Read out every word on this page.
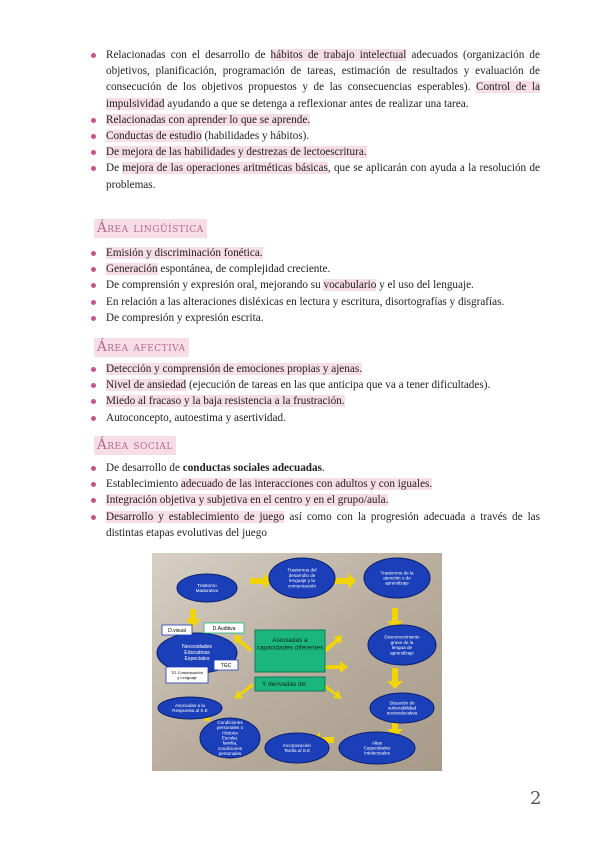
Relacionadas con el desarrollo de hábitos de trabajo intelectual adecuados (organización de objetivos, planificación, programación de tareas, estimación de resultados y evaluación de consecución de los objetivos propuestos y de las consecuencias esperables). Control de la impulsividad ayudando a que se detenga a reflexionar antes de realizar una tarea.
Relacionadas con aprender lo que se aprende.
Conductas de estudio (habilidades y hábitos).
De mejora de las habilidades y destrezas de lectoescritura.
De mejora de las operaciones aritméticas básicas, que se aplicarán con ayuda a la resolución de problemas.
Área lingüística
Emisión y discriminación fonética.
Generación espontánea, de complejidad creciente.
De comprensión y expresión oral, mejorando su vocabulario y el uso del lenguaje.
En relación a las alteraciones disléxicas en lectura y escritura, disortografías y disgrafías.
De compresión y expresión escrita.
Área afectiva
Detección y comprensión de emociones propias y ajenas.
Nivel de ansiedad (ejecución de tareas en las que anticipa que va a tener dificultades).
Miedo al fracaso y la baja resistencia a la frustración.
Autoconcepto, autoestima y asertividad.
Área social
De desarrollo de conductas sociales adecuadas.
Establecimiento adecuado de las interacciones con adultos y con iguales.
Integración objetiva y subjetiva en el centro y en el grupo/aula.
Desarrollo y establecimiento de juego así como con la progresión adecuada a través de las distintas etapas evolutivas del juego
Asociadas a capacidades diferentes
Y derivadas de:
Trastorno Madurativo
Trastornos del desarrollo de lenguaje y la comunicación
Trastornos de la atención o de aprendizaje
Desconocimiento grave de la lengua de aprendizaje
Situación de vulnerabilidad socioeducativa
Altas Capacidades Intelectuales
Incorporación Tardía al S.E
Condiciones personales o Historia Escolar, familia, condiciones personales
Asociadas a la Respuesta al S.E
Necesidades Educativas Especiales
D.visual	D.Auditiva
TGC
TG Comunicación y Lenguaje
2
